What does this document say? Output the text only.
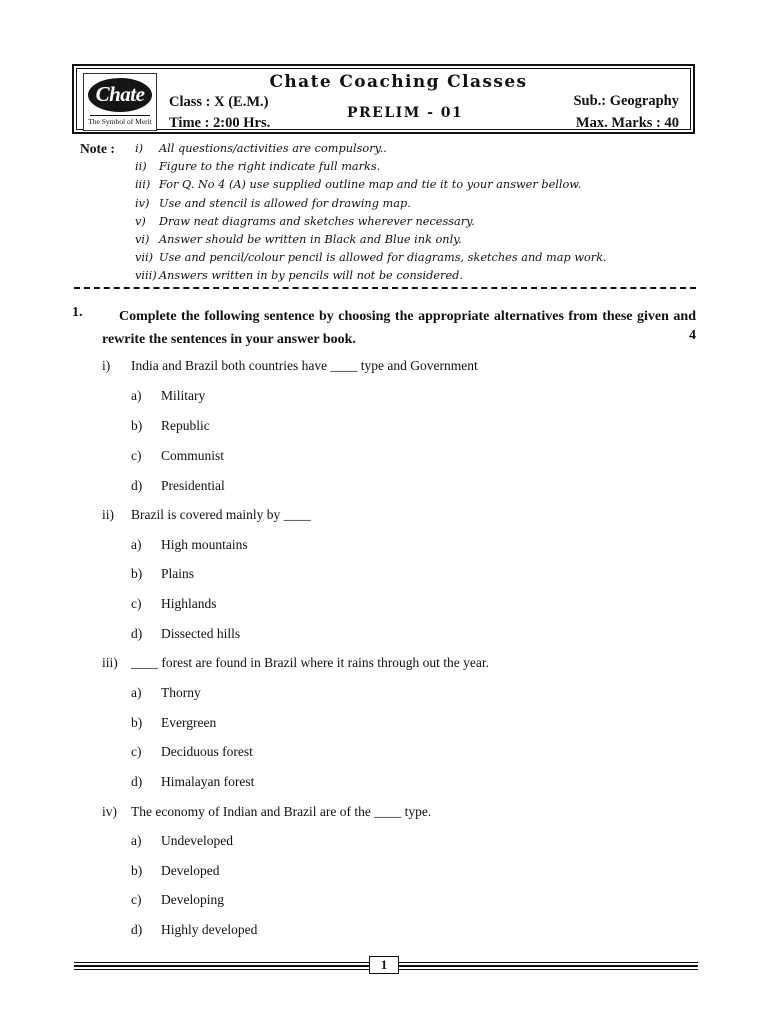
Chate
The Symbol of Merit
Chate Coaching Classes
Class : X (E.M.)
Time : 2:00 Hrs.
PRELIM - 01
Sub.: Geography
Max. Marks : 40
Note : i) All questions/activities are compulsory..
ii) Figure to the right indicate full marks.
iii) For Q. No 4 (A) use supplied outline map and tie it to your answer bellow.
iv) Use and stencil is allowed for drawing map.
v) Draw neat diagrams and sketches wherever necessary.
vi) Answer should be written in Black and Blue ink only.
vii) Use and pencil/colour pencil is allowed for diagrams, sketches and map work.
viii) Answers written in by pencils will not be considered.
1.	Complete the following sentence by choosing the appropriate alternatives from these given and rewrite the sentences in your answer book.	4
i) India and Brazil both countries have ____ type and Government
a) Military
b) Republic
c) Communist
d) Presidential
ii) Brazil is covered mainly by ____
a) High mountains
b) Plains
c) Highlands
d) Dissected hills
iii) ____ forest are found in Brazil where it rains through out the year.
a) Thorny
b) Evergreen
c) Deciduous forest
d) Himalayan forest
iv) The economy of Indian and Brazil are of the ____ type.
a) Undeveloped
b) Developed
c) Developing
d) Highly developed
1
